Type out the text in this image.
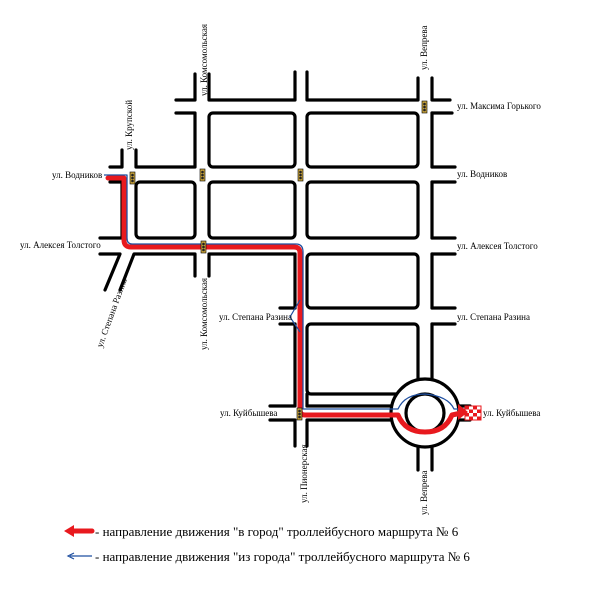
ул. Водников	ул. Водников
ул. Максима Горького
ул. Алексея Толстого	ул. Алексея Толстого
ул. Степана Разина	ул. Степана Разина
ул. Куйбышева	ул. Куйбышева
ул. Комсомольская
ул. Комсомольская
ул. Вепрева
ул. Вепрева
ул. Крупской
ул. Пионерская
ул. Степана Разина
- направление движения "в город" троллейбусного маршрута № 6
- направление движения "из города" троллейбусного маршрута № 6
